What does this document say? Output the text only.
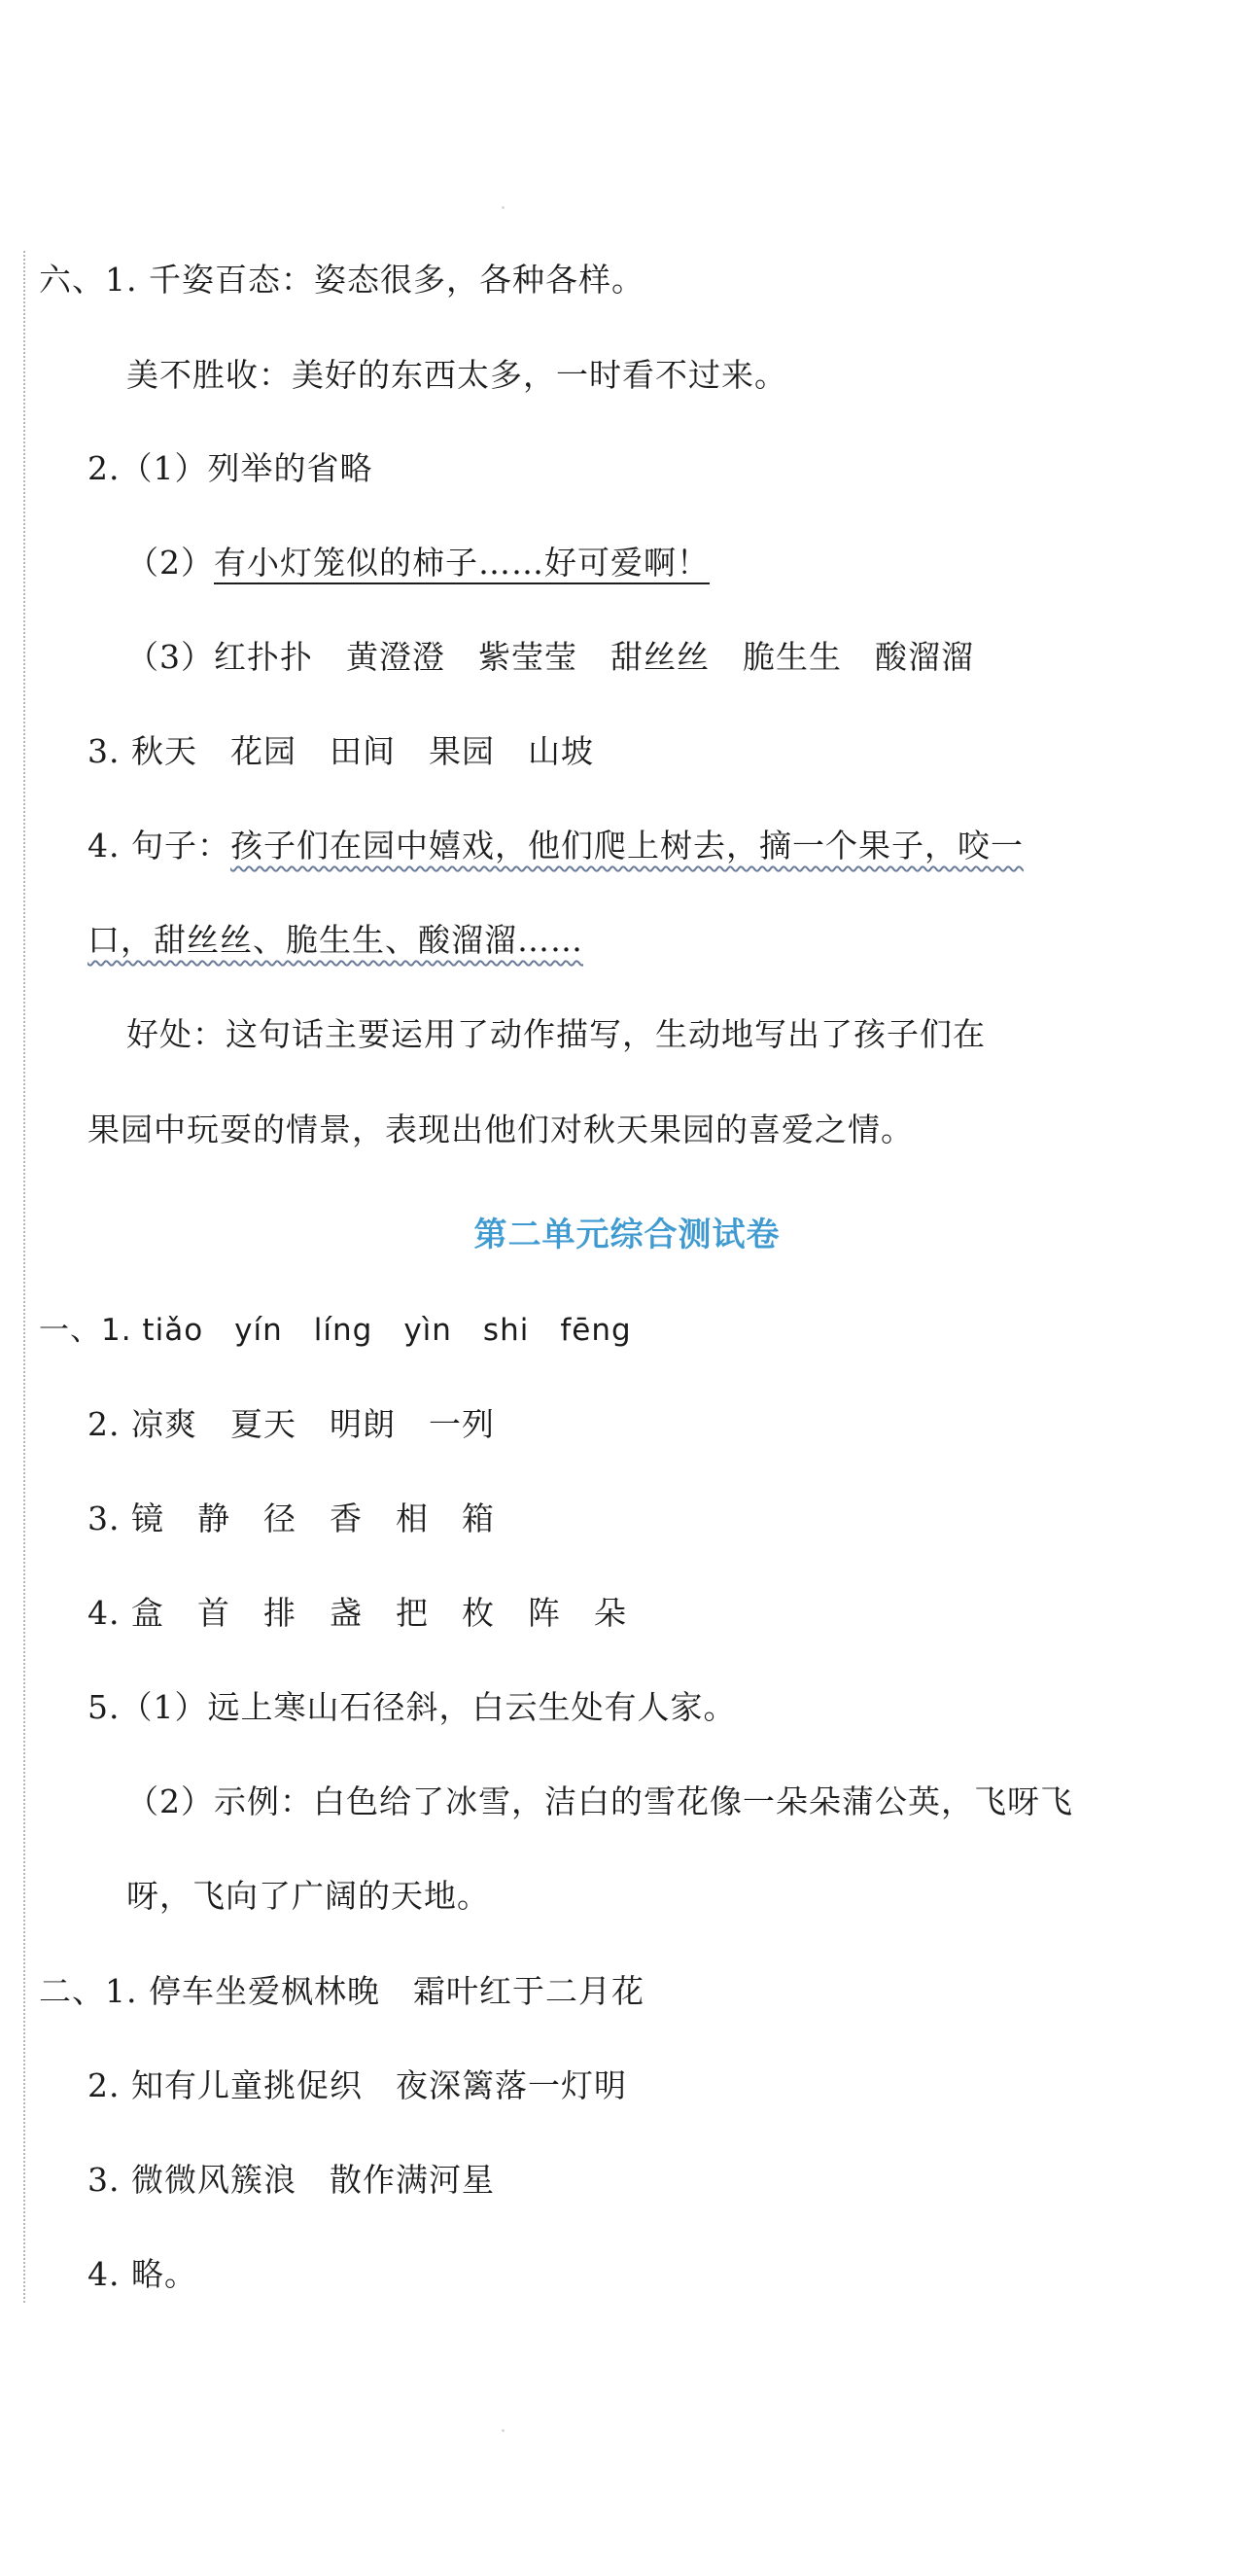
六、1. 千姿百态：姿态很多，各种各样。
美不胜收：美好的东西太多，一时看不过来。
2.（1）列举的省略
（2）有小灯笼似的柿子……好可爱啊！
（3）红扑扑　黄澄澄　紫莹莹　甜丝丝　脆生生　酸溜溜
3. 秋天　花园　田间　果园　山坡
4. 句子：孩子们在园中嬉戏，他们爬上树去，摘一个果子，咬一
口，甜丝丝、脆生生、酸溜溜……
好处：这句话主要运用了动作描写，生动地写出了孩子们在
果园中玩耍的情景，表现出他们对秋天果园的喜爱之情。
第二单元综合测试卷
一、1. tiǎo　yín　líng　yìn　shi　fēng
2. 凉爽　夏天　明朗　一列
3. 镜　静　径　香　相　箱
4. 盒　首　排　盏　把　枚　阵　朵
5.（1）远上寒山石径斜，白云生处有人家。
（2）示例：白色给了冰雪，洁白的雪花像一朵朵蒲公英，飞呀飞
呀，飞向了广阔的天地。
二、1. 停车坐爱枫林晚　霜叶红于二月花
2. 知有儿童挑促织　夜深篱落一灯明
3. 微微风簇浪　散作满河星
4. 略。
